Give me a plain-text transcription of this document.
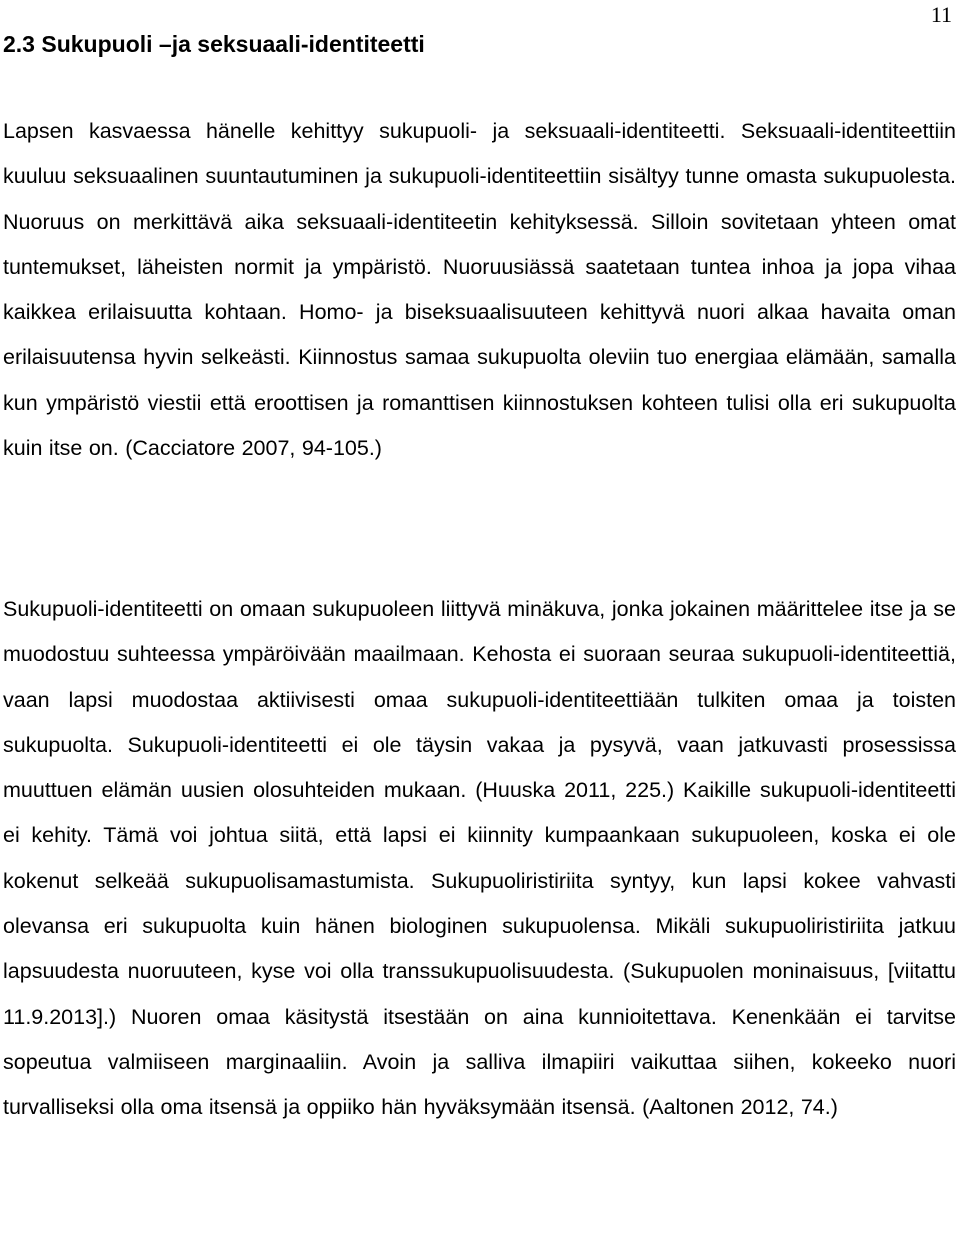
11
2.3 Sukupuoli –ja seksuaali-identiteetti

Lapsen kasvaessa hänelle kehittyy sukupuoli- ja seksuaali-identiteetti. Seksuaali-identiteettiin kuuluu seksuaalinen suuntautuminen ja sukupuoli-identiteettiin sisältyy tunne omasta sukupuolesta. Nuoruus on merkittävä aika seksuaali-identiteetin kehityksessä. Silloin sovitetaan yhteen omat tuntemukset, läheisten normit ja ympäristö. Nuoruusiässä saatetaan tuntea inhoa ja jopa vihaa kaikkea erilaisuutta kohtaan. Homo- ja biseksuaalisuuteen kehittyvä nuori alkaa havaita oman erilaisuutensa hyvin selkeästi. Kiinnostus samaa sukupuolta oleviin tuo energiaa elämään, samalla kun ympäristö viestii että eroottisen ja romanttisen kiinnostuksen kohteen tulisi olla eri sukupuolta kuin itse on. (Cacciatore 2007, 94-105.)

Sukupuoli-identiteetti on omaan sukupuoleen liittyvä minäkuva, jonka jokainen määrittelee itse ja se muodostuu suhteessa ympäröivään maailmaan. Kehosta ei suoraan seuraa sukupuoli-identiteettiä, vaan lapsi muodostaa aktiivisesti omaa sukupuoli-identiteettiään tulkiten omaa ja toisten sukupuolta. Sukupuoli-identiteetti ei ole täysin vakaa ja pysyvä, vaan jatkuvasti prosessissa muuttuen elämän uusien olosuhteiden mukaan. (Huuska 2011, 225.) Kaikille sukupuoli-identiteetti ei kehity. Tämä voi johtua siitä, että lapsi ei kiinnity kumpaankaan sukupuoleen, koska ei ole kokenut selkeää sukupuolisamastumista. Sukupuoliristiriita syntyy, kun lapsi kokee vahvasti olevansa eri sukupuolta kuin hänen biologinen sukupuolensa. Mikäli sukupuoliristiriita jatkuu lapsuudesta nuoruuteen, kyse voi olla transsukupuolisuudesta. (Sukupuolen moninaisuus, [viitattu 11.9.2013].) Nuoren omaa käsitystä itsestään on aina kunnioitettava. Kenenkään ei tarvitse sopeutua valmiiseen marginaaliin. Avoin ja salliva ilmapiiri vaikuttaa siihen, kokeeko nuori turvalliseksi olla oma itsensä ja oppiiko hän hyväksymään itsensä. (Aaltonen 2012, 74.)
